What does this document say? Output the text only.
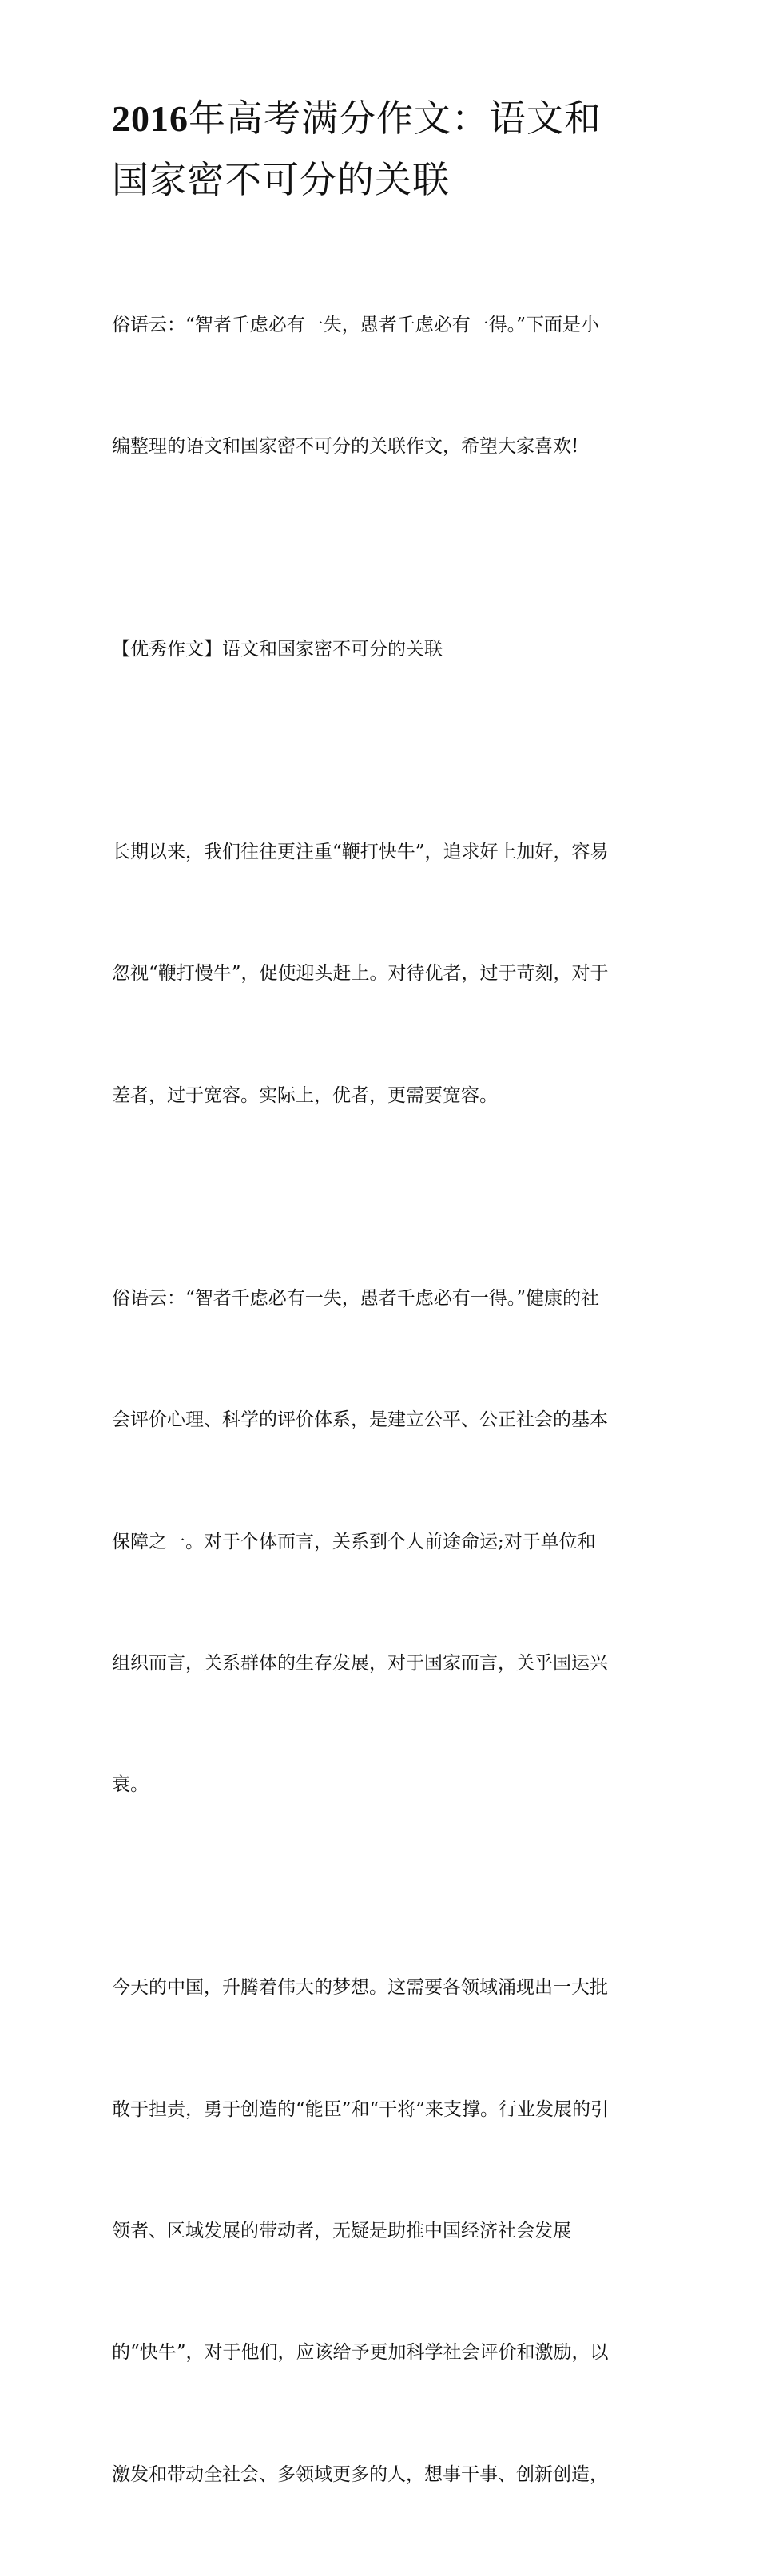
2016年高考满分作文：语文和
国家密不可分的关联

俗语云：“智者千虑必有一失，愚者千虑必有一得。”下面是小

编整理的语文和国家密不可分的关联作文，希望大家喜欢!

【优秀作文】语文和国家密不可分的关联

长期以来，我们往往更注重“鞭打快牛”，追求好上加好，容易

忽视“鞭打慢牛”，促使迎头赶上。对待优者，过于苛刻，对于

差者，过于宽容。实际上，优者，更需要宽容。

俗语云：“智者千虑必有一失，愚者千虑必有一得。”健康的社

会评价心理、科学的评价体系，是建立公平、公正社会的基本

保障之一。对于个体而言，关系到个人前途命运;对于单位和

组织而言，关系群体的生存发展，对于国家而言，关乎国运兴

衰。

今天的中国，升腾着伟大的梦想。这需要各领域涌现出一大批

敢于担责，勇于创造的“能臣”和“干将”来支撑。行业发展的引

领者、区域发展的带动者，无疑是助推中国经济社会发展

的“快牛”，对于他们，应该给予更加科学社会评价和激励，以

激发和带动全社会、多领域更多的人，想事干事、创新创造，
